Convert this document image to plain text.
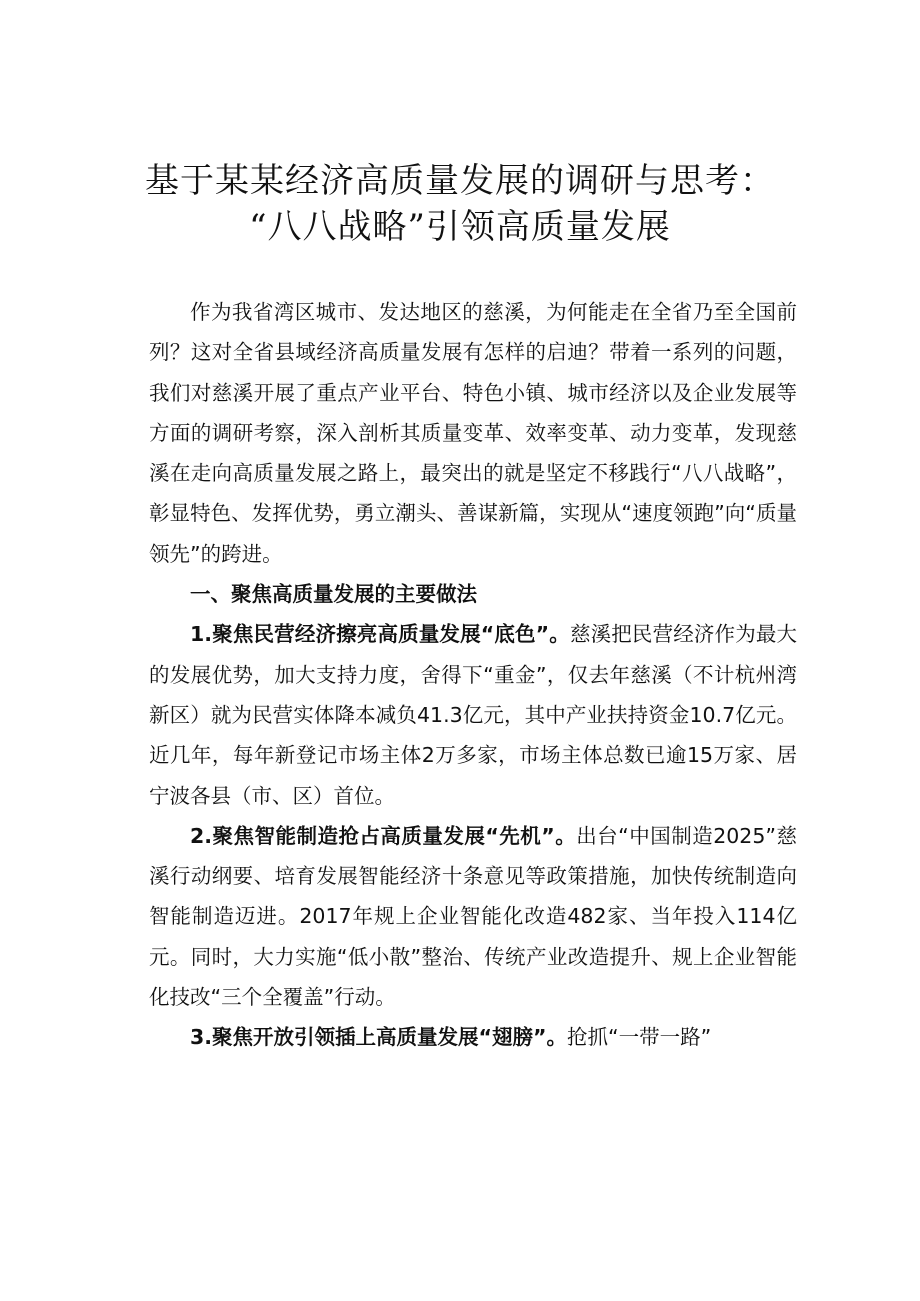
基于某某经济高质量发展的调研与思考：
“八八战略”引领高质量发展

作为我省湾区城市、发达地区的慈溪，为何能走在全省乃至全国前列？这对全省县域经济高质量发展有怎样的启迪？带着一系列的问题，我们对慈溪开展了重点产业平台、特色小镇、城市经济以及企业发展等方面的调研考察，深入剖析其质量变革、效率变革、动力变革，发现慈溪在走向高质量发展之路上，最突出的就是坚定不移践行“八八战略”，彰显特色、发挥优势，勇立潮头、善谋新篇，实现从“速度领跑”向“质量领先”的跨进。

一、聚焦高质量发展的主要做法

1.聚焦民营经济擦亮高质量发展“底色”。慈溪把民营经济作为最大的发展优势，加大支持力度，舍得下“重金”，仅去年慈溪（不计杭州湾新区）就为民营实体降本减负41.3亿元，其中产业扶持资金10.7亿元。近几年，每年新登记市场主体2万多家，市场主体总数已逾15万家、居宁波各县（市、区）首位。

2.聚焦智能制造抢占高质量发展“先机”。出台“中国制造2025”慈溪行动纲要、培育发展智能经济十条意见等政策措施，加快传统制造向智能制造迈进。2017年规上企业智能化改造482家、当年投入114亿元。同时，大力实施“低小散”整治、传统产业改造提升、规上企业智能化技改“三个全覆盖”行动。

3.聚焦开放引领插上高质量发展“翅膀”。抢抓“一带一路”
